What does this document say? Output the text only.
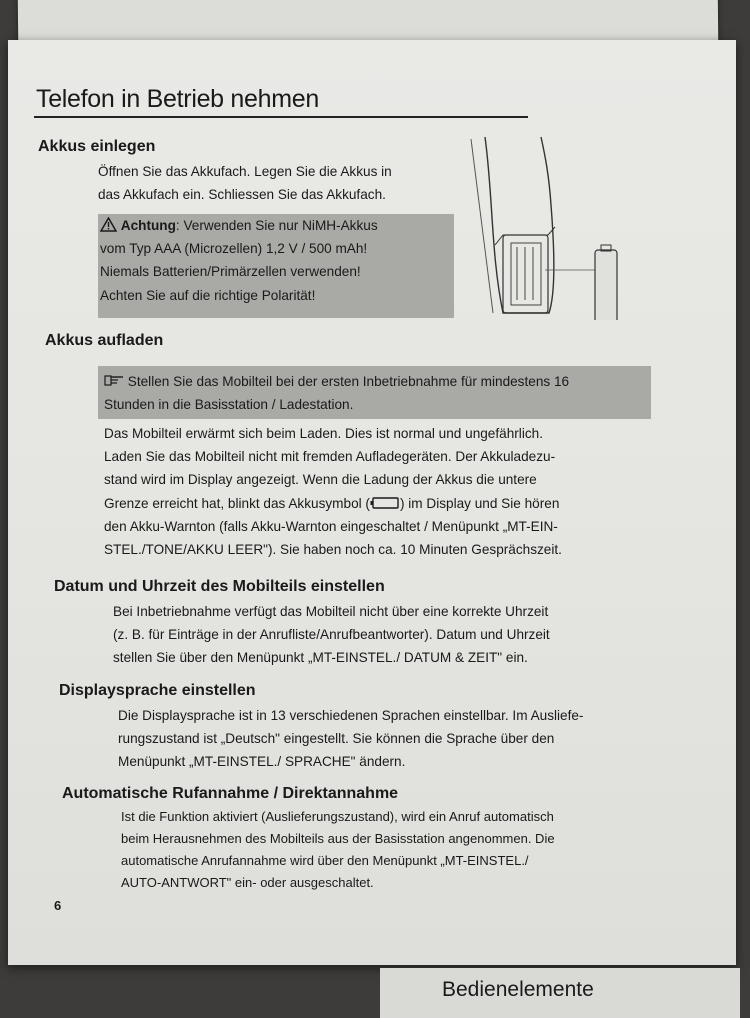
Telefon in Betrieb nehmen
Akkus einlegen
Öffnen Sie das Akkufach. Legen Sie die Akkus in
das Akkufach ein. Schliessen Sie das Akkufach.
Achtung: Verwenden Sie nur NiMH-Akkus
vom Typ AAA (Microzellen) 1,2 V / 500 mAh!
Niemals Batterien/Primärzellen verwenden!
Achten Sie auf die richtige Polarität!
Akkus aufladen
Stellen Sie das Mobilteil bei der ersten Inbetriebnahme für mindestens 16
Stunden in die Basisstation / Ladestation.
Das Mobilteil erwärmt sich beim Laden. Dies ist normal und ungefährlich.
Laden Sie das Mobilteil nicht mit fremden Aufladegeräten. Der Akkuladezu-
stand wird im Display angezeigt. Wenn die Ladung der Akkus die untere
Grenze erreicht hat, blinkt das Akkusymbol ( ) im Display und Sie hören
den Akku-Warnton (falls Akku-Warnton eingeschaltet / Menüpunkt „MT-EIN-
STEL./TONE/AKKU LEER"). Sie haben noch ca. 10 Minuten Gesprächszeit.
Datum und Uhrzeit des Mobilteils einstellen
Bei Inbetriebnahme verfügt das Mobilteil nicht über eine korrekte Uhrzeit
(z. B. für Einträge in der Anrufliste/Anrufbeantworter). Datum und Uhrzeit
stellen Sie über den Menüpunkt „MT-EINSTEL./ DATUM & ZEIT" ein.
Displaysprache einstellen
Die Displaysprache ist in 13 verschiedenen Sprachen einstellbar. Im Ausliefe-
rungszustand ist „Deutsch" eingestellt. Sie können die Sprache über den
Menüpunkt „MT-EINSTEL./ SPRACHE" ändern.
Automatische Rufannahme / Direktannahme
Ist die Funktion aktiviert (Auslieferungszustand), wird ein Anruf automatisch
beim Herausnehmen des Mobilteils aus der Basisstation angenommen. Die
automatische Anrufannahme wird über den Menüpunkt „MT-EINSTEL./
AUTO-ANTWORT" ein- oder ausgeschaltet.
6
Bedienelemente
